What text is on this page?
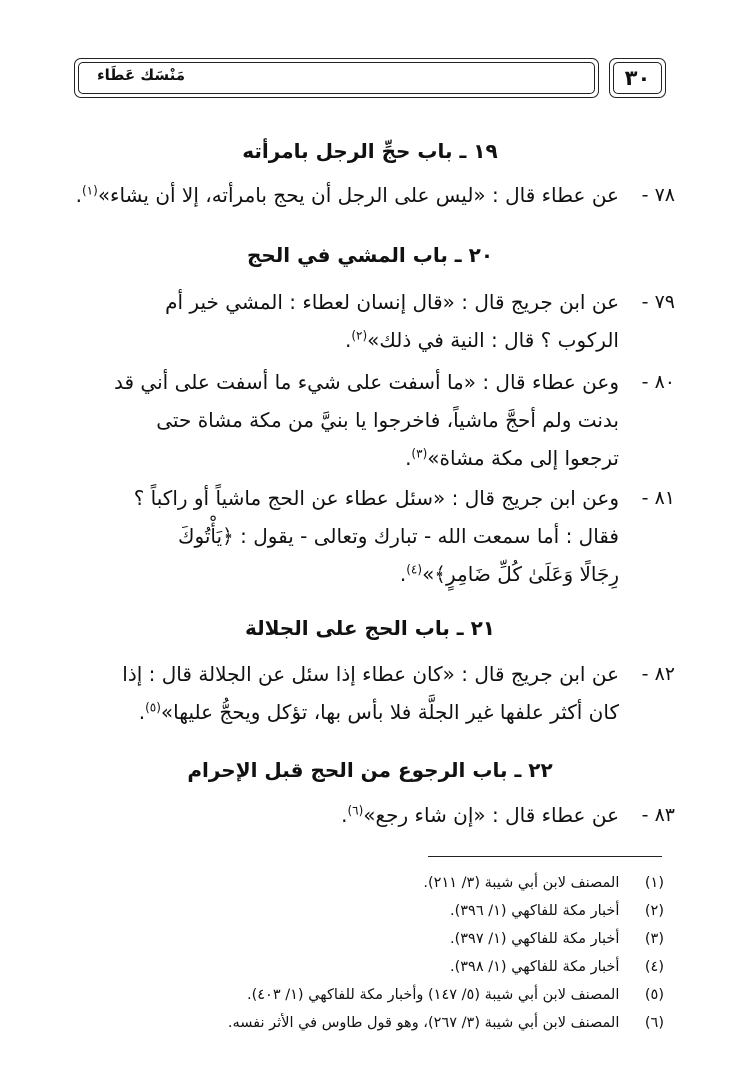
مَنْسَك عَطَاء	٣٠
١٩ ـ باب حجِّ الرجل بامرأته
٧٨ -
عن عطاء قال : «ليس على الرجل أن يحج بامرأته، إلا أن يشاء»$^{(١)}$.
٢٠ ـ باب المشي في الحج
٧٩ -
عن ابن جريج قال : «قال إنسان لعطاء : المشي خير أم
الركوب ؟ قال : النية في ذلك»$^{(٢)}$.
٨٠ -
وعن عطاء قال : «ما أسفت على شيء ما أسفت على أني قد
بدنت ولم أحجَّ ماشياً، فاخرجوا يا بنيَّ من مكة مشاة حتى
ترجعوا إلى مكة مشاة»$^{(٣)}$.
٨١ -
وعن ابن جريج قال : «سئل عطاء عن الحج ماشياً أو راكباً ؟
فقال : أما سمعت الله - تبارك وتعالى - يقول : ﴿يَأْتُوكَ
رِجَالًا وَعَلَىٰ كُلِّ ضَامِرٍ﴾»$^{(٤)}$.
٢١ ـ باب الحج على الجلالة
٨٢ -
عن ابن جريج قال : «كان عطاء إذا سئل عن الجلالة قال : إذا
كان أكثر علفها غير الجلَّة فلا بأس بها، تؤكل ويحجُّ عليها»$^{(٥)}$.
٢٢ ـ باب الرجوع من الحج قبل الإحرام
٨٣ -
عن عطاء قال : «إن شاء رجع»$^{(٦)}$.
(١) المصنف لابن أبي شيبة (٣/ ٢١١).
(٢) أخبار مكة للفاكهي (١/ ٣٩٦).
(٣) أخبار مكة للفاكهي (١/ ٣٩٧).
(٤) أخبار مكة للفاكهي (١/ ٣٩٨).
(٥) المصنف لابن أبي شيبة (٥/ ١٤٧) وأخبار مكة للفاكهي (١/ ٤٠٣).
(٦) المصنف لابن أبي شيبة (٣/ ٢٦٧)، وهو قول طاوس في الأثر نفسه.
